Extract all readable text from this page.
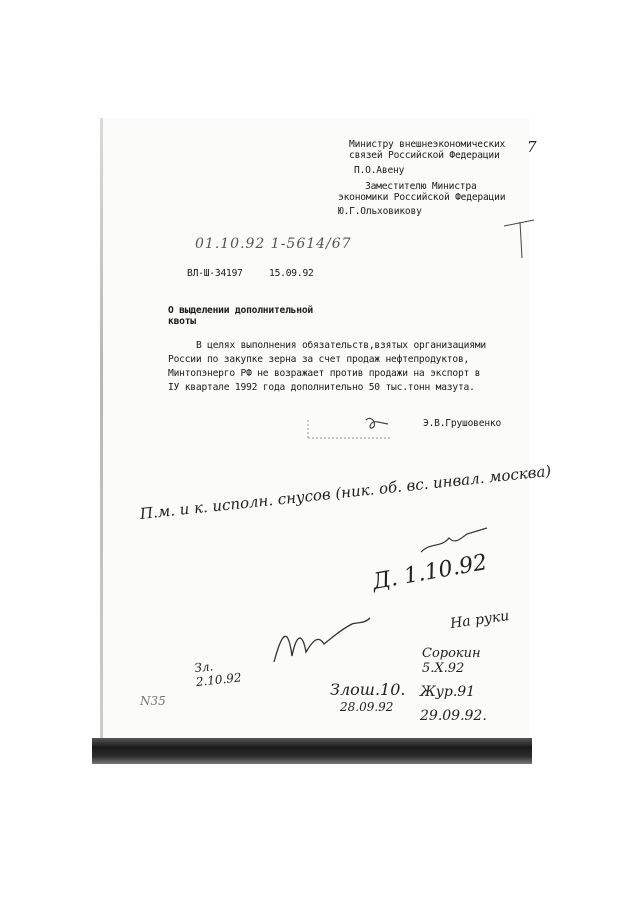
Министру внешнеэкономических
связей Российской Федерации
П.О.Авену
Заместителю Министра
экономики Российской Федерации
Ю.Г.Ольховикову
7
01.10.92 1-5614/67
ВЛ-Ш-34197	15.09.92
О выделении дополнительной
квоты
В целях выполнения обязательств,взятых организациями
России по закупке зерна за счет продаж нефтепродуктов,
Минтопэнерго РФ не возражает против продажи на экспорт в
IУ квартале 1992 года дополнительно 50 тыс.тонн мазута.
Э.В.Грушовенко
П.м. и к. исполн. снусов (ник. об. вс. инвал. москва)
Д. 1.10.92
На руки
Сорокин 5.X.92
Зл. 2.10.92
Злош.10.
28.09.92
Жур.91 29.09.92.
N35
